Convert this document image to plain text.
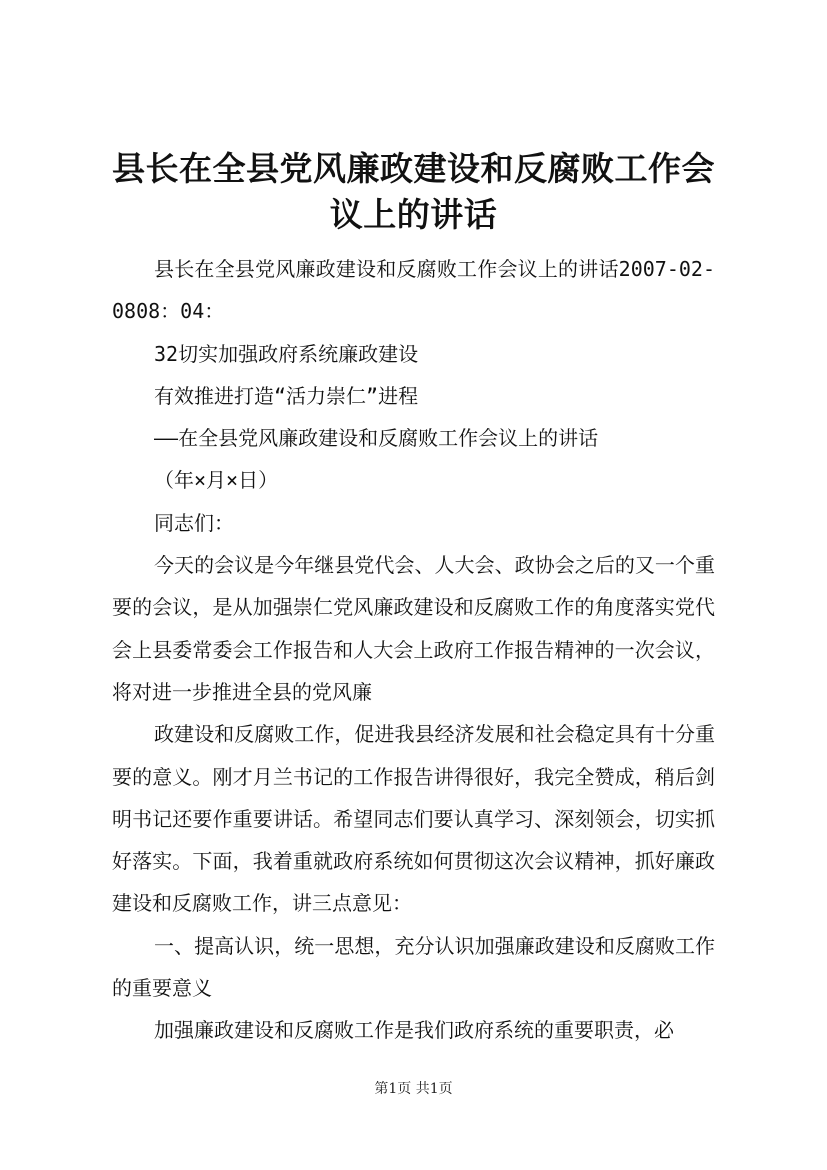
县长在全县党风廉政建设和反腐败工作会议上的讲话

县长在全县党风廉政建设和反腐败工作会议上的讲话2007-02-0808：04：

32切实加强政府系统廉政建设

有效推进打造“活力崇仁”进程

——在全县党风廉政建设和反腐败工作会议上的讲话

（年×月×日）

同志们：

今天的会议是今年继县党代会、人大会、政协会之后的又一个重要的会议，是从加强崇仁党风廉政建设和反腐败工作的角度落实党代会上县委常委会工作报告和人大会上政府工作报告精神的一次会议，将对进一步推进全县的党风廉

政建设和反腐败工作，促进我县经济发展和社会稳定具有十分重要的意义。刚才月兰书记的工作报告讲得很好，我完全赞成，稍后剑明书记还要作重要讲话。希望同志们要认真学习、深刻领会，切实抓好落实。下面，我着重就政府系统如何贯彻这次会议精神，抓好廉政建设和反腐败工作，讲三点意见：

一、提高认识，统一思想，充分认识加强廉政建设和反腐败工作的重要意义

加强廉政建设和反腐败工作是我们政府系统的重要职责，必

第1页 共1页
